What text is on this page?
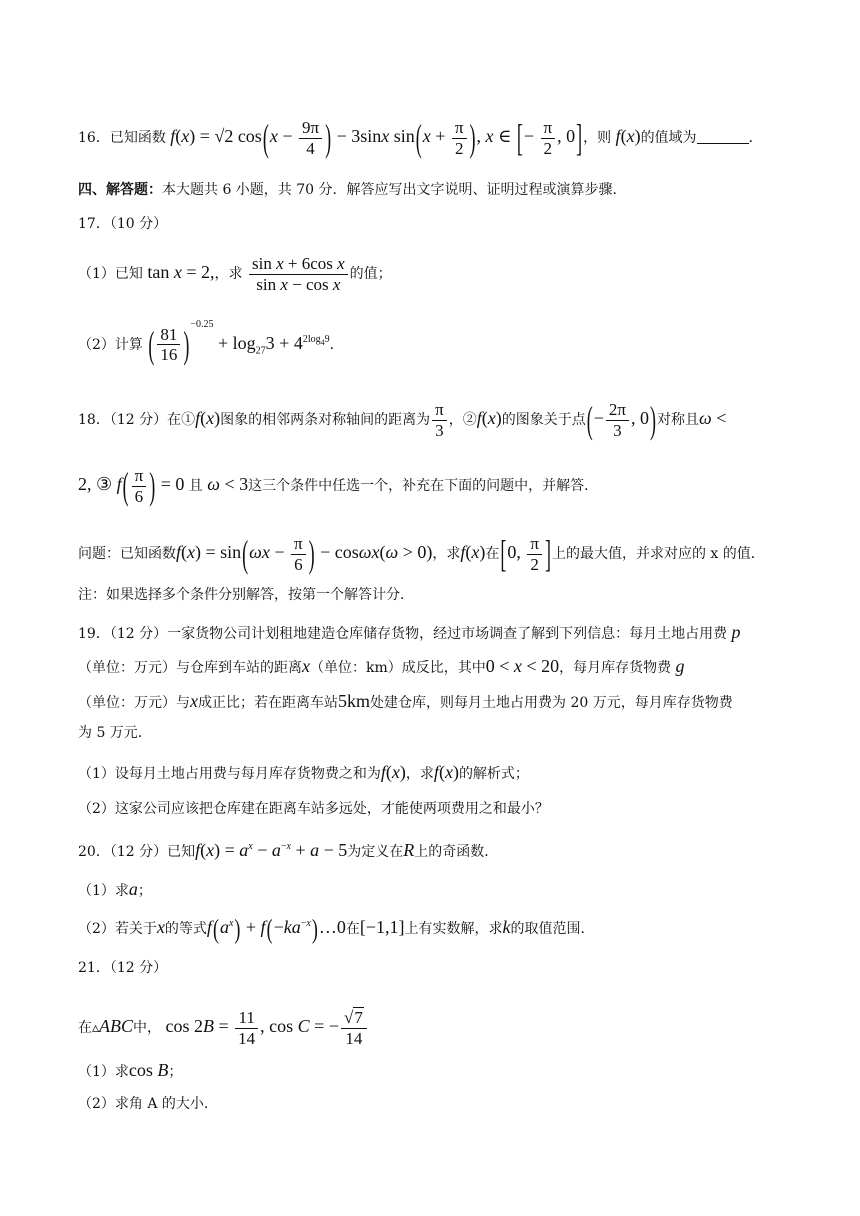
16．已知函数 f(x) = √2 $\cos(x - \frac{9\pi}{4}$ ) − 3sinx $\sin(x + \frac{\pi}{2}$ ), x ∈ [− $\frac{\pi}{2}$ , 0]，则 f(x)的值域为	．
四、解答题：本大题共 6 小题，共 70 分．解答应写出文字说明、证明过程或演算步骤．
17．（10 分）
（1）已知 tan x = 2,，求 $\frac{\text{sin x + 6cos x}}{\text{sin x − cos x}}$ 的值；
（2）计算 ( $\frac{81}{16} )^{-0.25} + \log_{27}3 + 4^{2log_49}$．
18．（12 分）在①f(x)图象的相邻两条对称轴间的距离为 $\frac{\pi}{3}$ ，②f(x)的图象关于点(− $\frac{2\pi}{3}$ , 0)对称且ω <
2, ③ $f( \frac{\pi}{6}$ ) = 0 且 ω < 3这三个条件中任选一个，补充在下面的问题中，并解答．
问题：已知函数$f(x) = \sin(\omega x - \frac{\pi}{6}$ ) − cosωx(ω > 0)，求f(x)在[0, $\frac{\pi}{2}$ ]上的最大值，并求对应的 x 的值．
注：如果选择多个条件分别解答，按第一个解答计分．
19．（12 分）一家货物公司计划租地建造仓库储存货物，经过市场调查了解到下列信息：每月土地占用费 p
（单位：万元）与仓库到车站的距离x（单位：km）成反比，其中0 < x < 20，每月库存货物费 g
（单位：万元）与x成正比；若在距离车站5km处建仓库，则每月土地占用费为 20 万元，每月库存货物费
为 5 万元．
（1）设每月土地占用费与每月库存货物费之和为f(x)，求f(x)的解析式；
（2）这家公司应该把仓库建在距离车站多远处，才能使两项费用之和最小？
20．（12 分）已知$f(x) = a^x - a^{-x} + a - 5$为定义在R上的奇函数．
（1）求a；
（2）若关于x的等式$f(a^x)$ + $f(-ka^{-x})\dots 0$在[−1,1]上有实数解，求k的取值范围．
21．（12 分）
在▵ABC中， $\cos 2B = \frac{11}{14}$ , cos C = − $\frac{√7}{14}$
（1）求cos B；
（2）求角 A 的大小．
